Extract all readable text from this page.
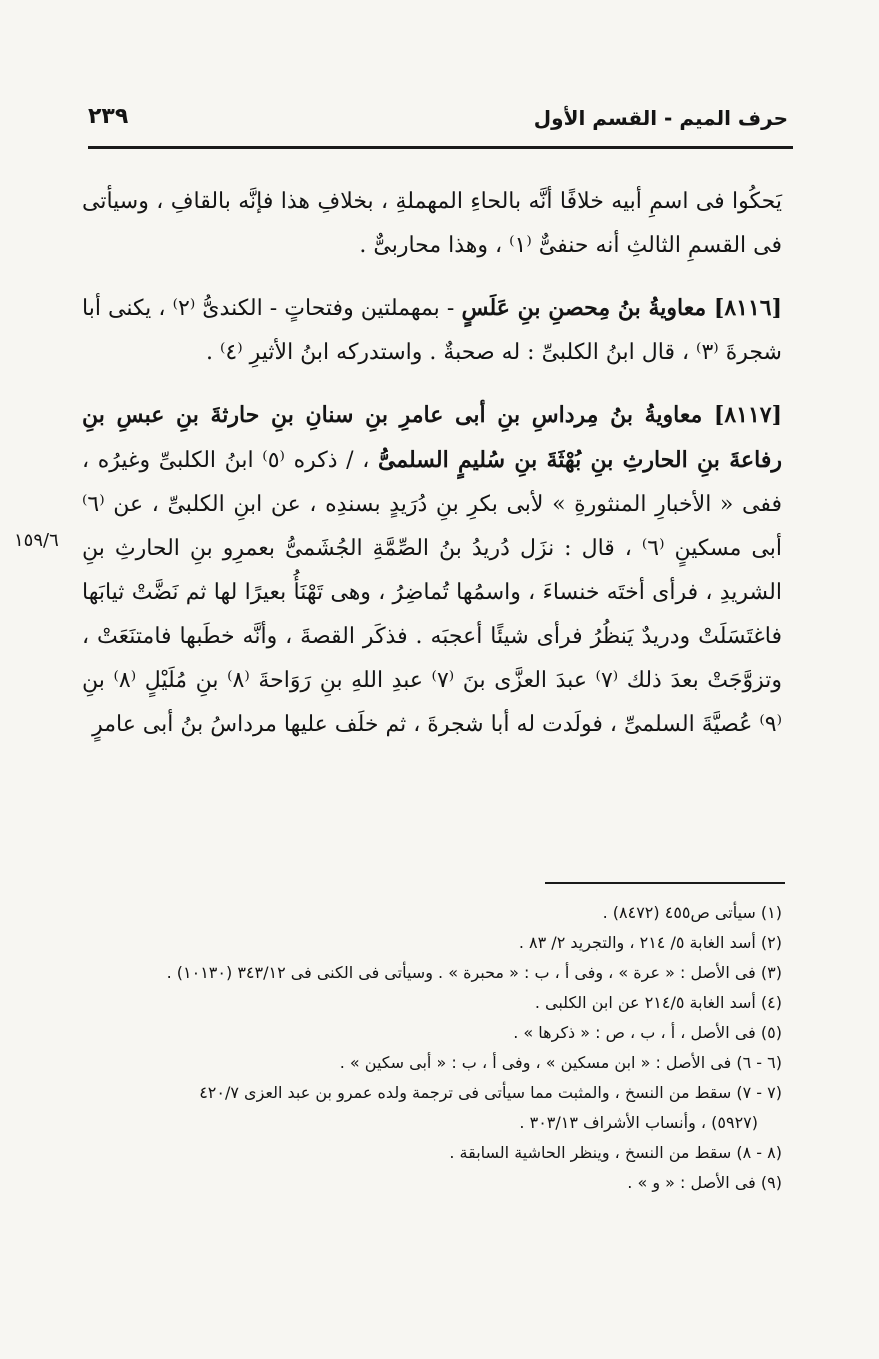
حرف الميم - القسم الأول
٢٣٩

يَحكُوا فى اسمِ أبيه خلافًا أنَّه بالحاءِ المهملةِ ، بخلافِ هذا فإنَّه بالقافِ ، وسيأتى فى القسمِ الثالثِ أنه حنفىٌّ ⁽١⁾ ، وهذا محاربىٌّ .

[٨١١٦] معاويةُ بنُ مِحصنِ بنِ عَلَسٍ - بمهملتين وفتحاتٍ - الكندىُّ ⁽٢⁾ ، يكنى أبا شجرةَ ⁽٣⁾ ، قال ابنُ الكلبىِّ : له صحبةٌ . واستدركه ابنُ الأثيرِ ⁽٤⁾ .

[٨١١٧] معاويةُ بنُ مِرداسِ بنِ أبى عامرِ بنِ سنانِ بنِ حارثةَ بنِ عبسِ بنِ رفاعةَ بنِ الحارثِ بنِ بُهْثَةَ بنِ سُليمٍ السلمىُّ ، / ذكره ⁽٥⁾ ابنُ الكلبىِّ وغيرُه ، ففى « الأخبارِ المنثورةِ » لأبى بكرِ بنِ دُرَيدٍ بسندِه ، عن ابنِ الكلبىِّ ، عن ⁽٦⁾ أبى مسكينٍ ⁽٦⁾ ، قال : نزَل دُريدُ بنُ الصِّمَّةِ الجُشَمىُّ بعمرِو بنِ الحارثِ بنِ الشريدِ ، فرأى أختَه خنساءَ ، واسمُها تُماضِرُ ، وهى تَهْنَأُ بعيرًا لها ثم نَضَّتْ ثيابَها فاغتَسَلَتْ ودريدٌ يَنظُرُ فرأى شيئًا أعجبَه . فذكَر القصةَ ، وأنَّه خطَبها فامتنَعَتْ ، وتزوَّجَتْ بعدَ ذلك ⁽٧⁾ عبدَ العزَّى بنَ ⁽٧⁾ عبدِ اللهِ بنِ رَوَاحةَ ⁽٨⁾ بنِ مُلَيْلٍ ⁽٨⁾ بنِ ⁽٩⁾ عُصيَّةَ السلمىِّ ، فولَدت له أبا شجرةَ ، ثم خلَف عليها مرداسُ بنُ أبى عامرٍ

١٥٩/٦

(١) سيأتى ص٤٥٥ (٨٤٧٢) .

(٢) أسد الغابة ٥/ ٢١٤ ، والتجريد ٢/ ٨٣ .

(٣) فى الأصل : « عرة » ، وفى أ ، ب : « محبرة » . وسيأتى فى الكنى فى ٣٤٣/١٢ (١٠١٣٠) .

(٤) أسد الغابة ٢١٤/٥ عن ابن الكلبى .

(٥) فى الأصل ، أ ، ب ، ص : « ذكرها » .

(٦ - ٦) فى الأصل : « ابن مسكين » ، وفى أ ، ب : « أبى سكين » .

(٧ - ٧) سقط من النسخ ، والمثبت مما سيأتى فى ترجمة ولده عمرو بن عبد العزى ٤٢٠/٧

(٥٩٢٧) ، وأنساب الأشراف ٣٠٣/١٣ .

(٨ - ٨) سقط من النسخ ، وينظر الحاشية السابقة .

(٩) فى الأصل : « و » .
